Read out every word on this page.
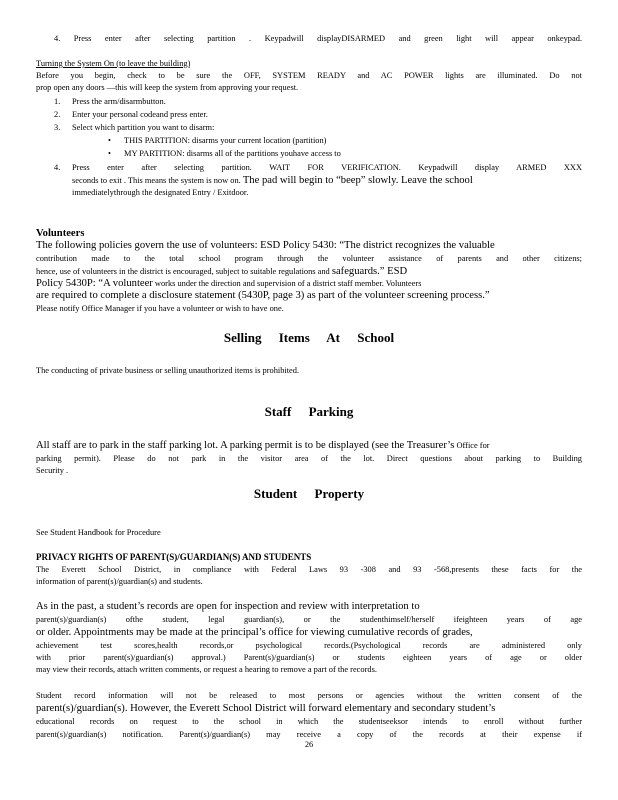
4. Press enter after selecting partition . Keypadwill displayDISARMED and green light will appear onkeypad.
Turning the System On (to leave the building)
Before you begin, check to be sure the OFF, SYSTEM READY and AC POWER lights are illuminated. Do not
prop open any doors —this will keep the system from approving your request.
1. Press the arm/disarmbutton.
2. Enter your personal codeand press enter.
3. Select which partition you want to disarm:
• THIS PARTITION: disarms your current location (partition)
• MY PARTITION: disarms all of the partitions youhave access to
4.	Press enter after selecting partition. WAIT FOR VERIFICATION. Keypadwill display ARMED XXX
seconds to exit . This means the system is now on. The pad will begin to “beep” slowly. Leave the school
immediatelythrough the designated Entry / Exitdoor.
Volunteers
The following policies govern the use of volunteers: ESD Policy 5430: “The district recognizes the valuable
contribution made to the total school program through the volunteer assistance of parents and other citizens;
hence, use of volunteers in the district is encouraged, subject to suitable regulations and safeguards.” ESD
Policy 5430P: “A volunteer works under the direction and supervision of a district staff member. Volunteers
are required to complete a disclosure statement (5430P, page 3) as part of the volunteer screening process.”
Please notify Office Manager if you have a volunteer or wish to have one.
Selling Items At School
The conducting of private business or selling unauthorized items is prohibited.
Staff Parking
All staff are to park in the staff parking lot. A parking permit is to be displayed (see the Treasurer’s Office for
parking permit). Please do not park in the visitor area of the lot. Direct questions about parking to Building
Security .
Student Property
See Student Handbook for Procedure
PRIVACY RIGHTS OF PARENT(S)/GUARDIAN(S) AND STUDENTS
The Everett School District, in compliance with Federal Laws 93 -308 and 93 -568,presents these facts for the
information of parent(s)/guardian(s) and students.
As in the past, a student’s records are open for inspection and review with interpretation to
parent(s)/guardian(s) ofthe student, legal guardian(s), or the studenthimself/herself ifeighteen years of age
or older. Appointments may be made at the principal’s office for viewing cumulative records of grades,
achievement test scores,health records,or psychological records.(Psychological records are administered only
with prior parent(s)/guardian(s) approval.) Parent(s)/guardian(s) or students eighteen years of age or older
may view their records, attach written comments, or request a hearing to remove a part of the records.
Student record information will not be released to most persons or agencies without the written consent of the
parent(s)/guardian(s). However, the Everett School District will forward elementary and secondary student’s
educational records on request to the school in which the studentseeksor intends to enroll without further
parent(s)/guardian(s) notification. Parent(s)/guardian(s) may receive a copy of the records at their expense if
26
